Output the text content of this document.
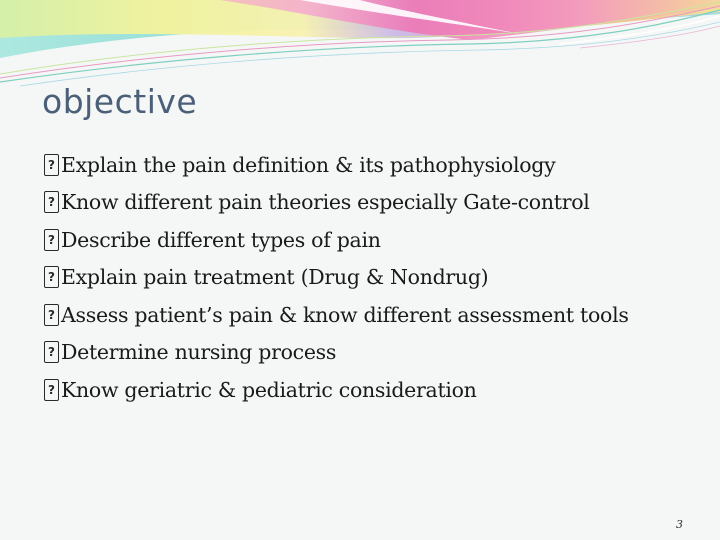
objective
? Explain the pain definition & its pathophysiology
? Know different pain theories especially Gate-control
? Describe different types of pain
? Explain pain treatment (Drug & Nondrug)
? Assess patient’s pain & know different assessment tools
? Determine nursing process
? Know geriatric & pediatric consideration
3
